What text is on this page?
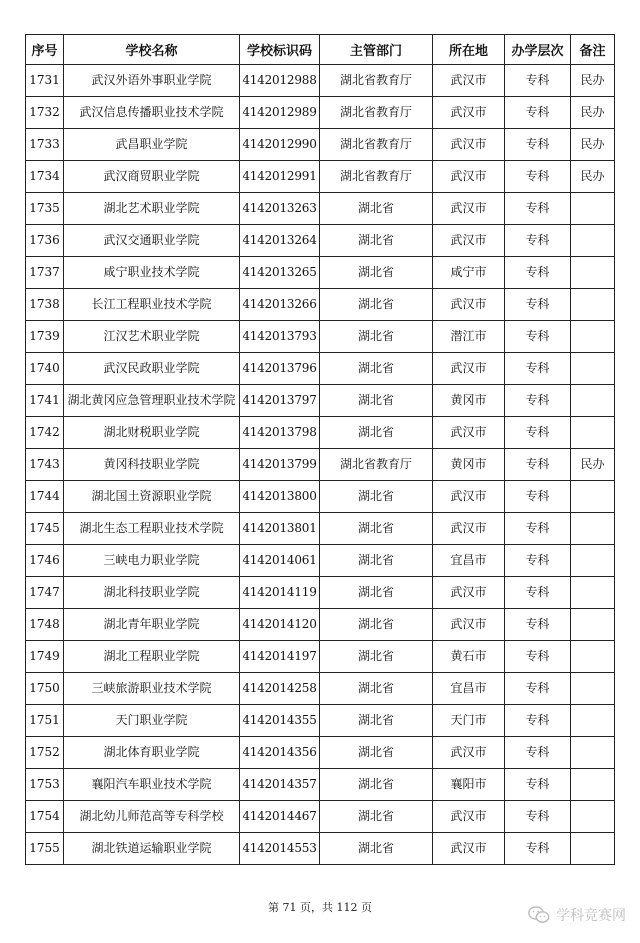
序号	学校名称	学校标识码	主管部门	所在地	办学层次	备注
1731	武汉外语外事职业学院	4142012988	湖北省教育厅	武汉市	专科	民办
1732	武汉信息传播职业技术学院	4142012989	湖北省教育厅	武汉市	专科	民办
1733	武昌职业学院	4142012990	湖北省教育厅	武汉市	专科	民办
1734	武汉商贸职业学院	4142012991	湖北省教育厅	武汉市	专科	民办
1735	湖北艺术职业学院	4142013263	湖北省	武汉市	专科	
1736	武汉交通职业学院	4142013264	湖北省	武汉市	专科	
1737	咸宁职业技术学院	4142013265	湖北省	咸宁市	专科	
1738	长江工程职业技术学院	4142013266	湖北省	武汉市	专科	
1739	江汉艺术职业学院	4142013793	湖北省	潜江市	专科	
1740	武汉民政职业学院	4142013796	湖北省	武汉市	专科	
1741	湖北黄冈应急管理职业技术学院	4142013797	湖北省	黄冈市	专科	
1742	湖北财税职业学院	4142013798	湖北省	武汉市	专科	
1743	黄冈科技职业学院	4142013799	湖北省教育厅	黄冈市	专科	民办
1744	湖北国土资源职业学院	4142013800	湖北省	武汉市	专科	
1745	湖北生态工程职业技术学院	4142013801	湖北省	武汉市	专科	
1746	三峡电力职业学院	4142014061	湖北省	宜昌市	专科	
1747	湖北科技职业学院	4142014119	湖北省	武汉市	专科	
1748	湖北青年职业学院	4142014120	湖北省	武汉市	专科	
1749	湖北工程职业学院	4142014197	湖北省	黄石市	专科	
1750	三峡旅游职业技术学院	4142014258	湖北省	宜昌市	专科	
1751	天门职业学院	4142014355	湖北省	天门市	专科	
1752	湖北体育职业学院	4142014356	湖北省	武汉市	专科	
1753	襄阳汽车职业技术学院	4142014357	湖北省	襄阳市	专科	
1754	湖北幼儿师范高等专科学校	4142014467	湖北省	武汉市	专科	
1755	湖北铁道运输职业学院	4142014553	湖北省	武汉市	专科	
第 71 页，共 112 页
学科竞赛网
